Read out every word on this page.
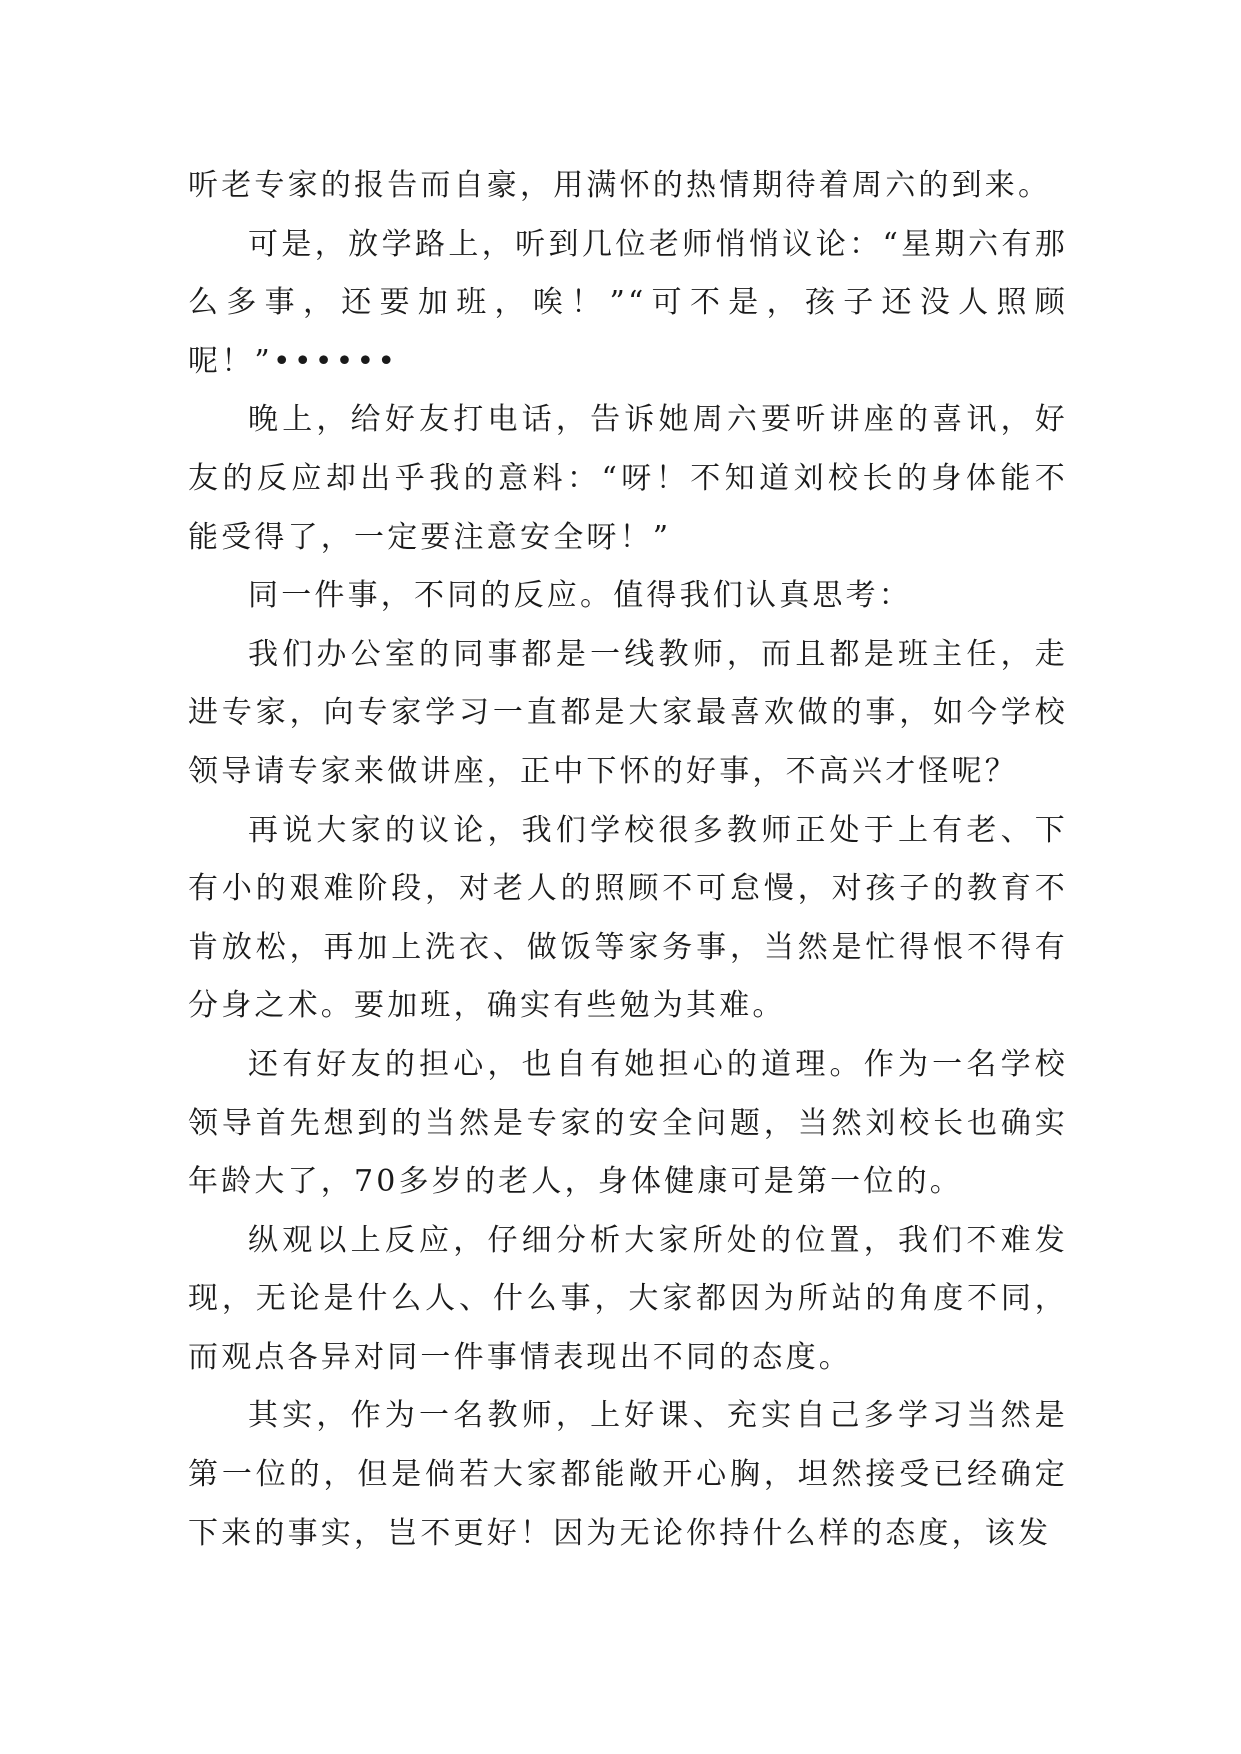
听老专家的报告而自豪，用满怀的热情期待着周六的到来。

可是，放学路上，听到几位老师悄悄议论：“星期六有那么多事，还要加班，唉！”“可不是，孩子还没人照顾呢！”••••••

晚上，给好友打电话，告诉她周六要听讲座的喜讯，好友的反应却出乎我的意料：“呀！不知道刘校长的身体能不能受得了，一定要注意安全呀！”

同一件事，不同的反应。值得我们认真思考：

我们办公室的同事都是一线教师，而且都是班主任，走进专家，向专家学习一直都是大家最喜欢做的事，如今学校领导请专家来做讲座，正中下怀的好事，不高兴才怪呢？

再说大家的议论，我们学校很多教师正处于上有老、下有小的艰难阶段，对老人的照顾不可怠慢，对孩子的教育不肯放松，再加上洗衣、做饭等家务事，当然是忙得恨不得有分身之术。要加班，确实有些勉为其难。

还有好友的担心，也自有她担心的道理。作为一名学校领导首先想到的当然是专家的安全问题，当然刘校长也确实年龄大了，70多岁的老人，身体健康可是第一位的。

纵观以上反应，仔细分析大家所处的位置，我们不难发现，无论是什么人、什么事，大家都因为所站的角度不同，而观点各异对同一件事情表现出不同的态度。

其实，作为一名教师，上好课、充实自己多学习当然是第一位的，但是倘若大家都能敞开心胸，坦然接受已经确定下来的事实，岂不更好！因为无论你持什么样的态度，该发
